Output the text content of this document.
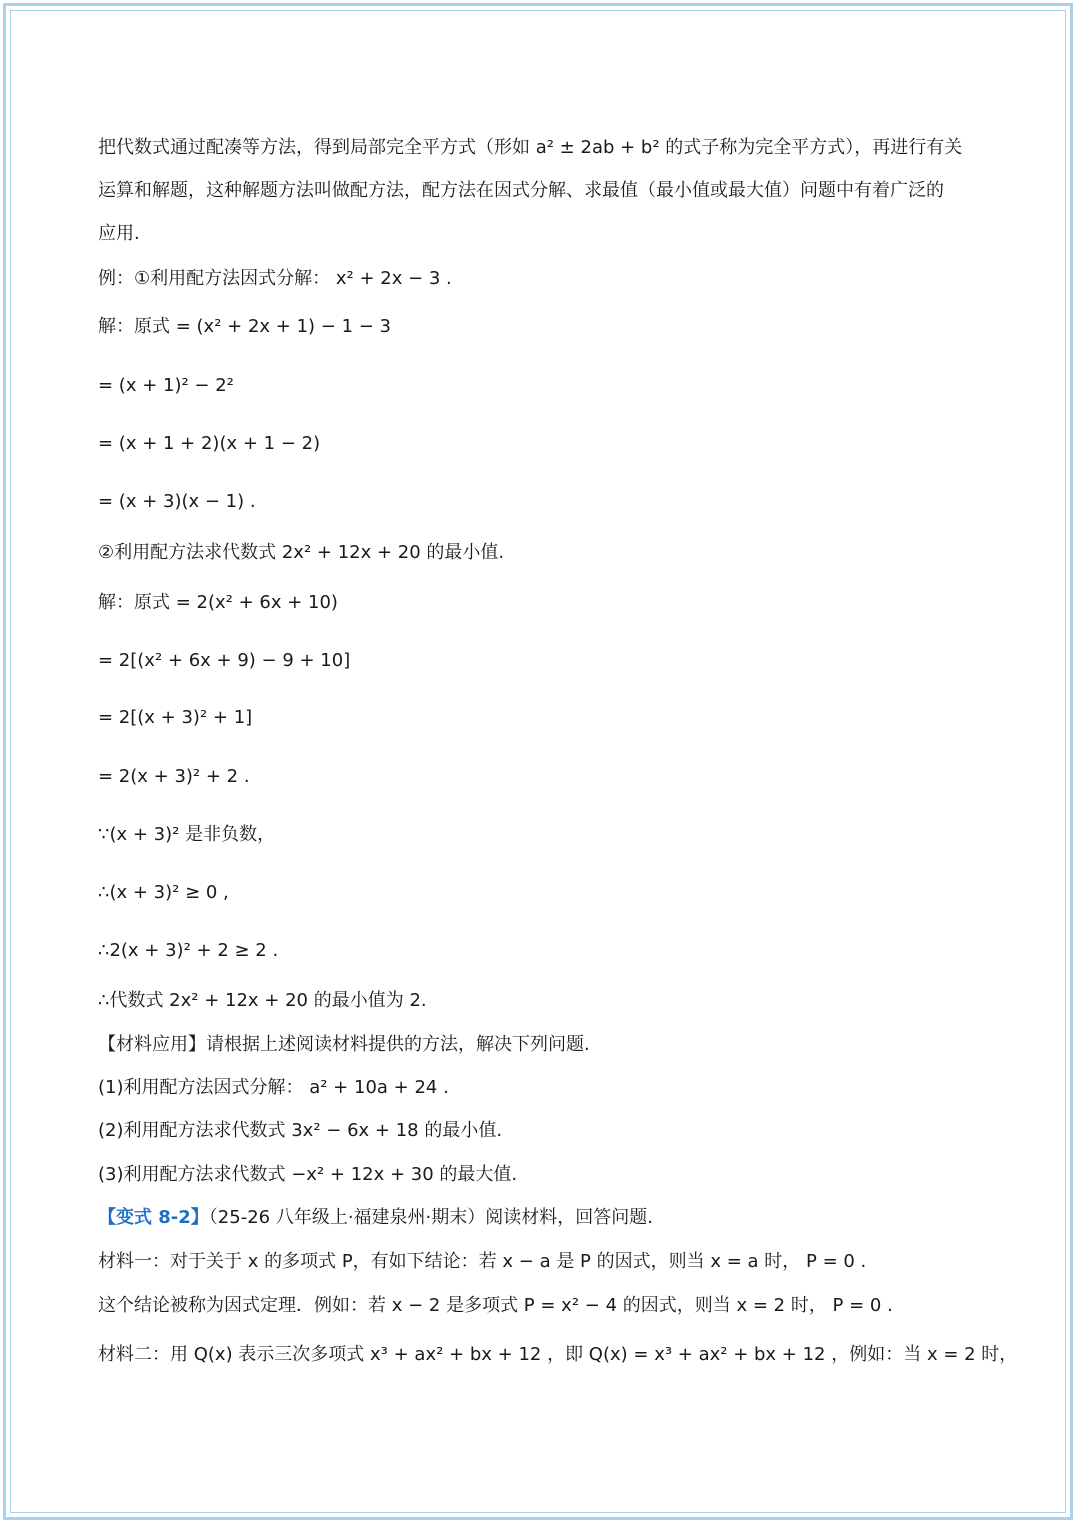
把代数式通过配凑等方法，得到局部完全平方式（形如 a² ± 2ab + b² 的式子称为完全平方式），再进行有关
运算和解题，这种解题方法叫做配方法，配方法在因式分解、求最值（最小值或最大值）问题中有着广泛的
应用.
例：①利用配方法因式分解： x² + 2x − 3 .
解：原式 = (x² + 2x + 1) − 1 − 3
= (x + 1)² − 2²
= (x + 1 + 2)(x + 1 − 2)
= (x + 3)(x − 1) .
②利用配方法求代数式 2x² + 12x + 20 的最小值.
解：原式 = 2(x² + 6x + 10)
= 2[(x² + 6x + 9) − 9 + 10]
= 2[(x + 3)² + 1]
= 2(x + 3)² + 2 .
∵(x + 3)² 是非负数，
∴(x + 3)² ≥ 0 ,
∴2(x + 3)² + 2 ≥ 2 .
∴代数式 2x² + 12x + 20 的最小值为 2.
【材料应用】请根据上述阅读材料提供的方法，解决下列问题.
(1)利用配方法因式分解： a² + 10a + 24 .
(2)利用配方法求代数式 3x² − 6x + 18 的最小值.
(3)利用配方法求代数式 −x² + 12x + 30 的最大值.
【变式 8-2】（25-26 八年级上·福建泉州·期末）阅读材料，回答问题.
材料一：对于关于 x 的多项式 P，有如下结论：若 x − a 是 P 的因式，则当 x = a 时， P = 0 .
这个结论被称为因式定理．例如：若 x − 2 是多项式 P = x² − 4 的因式，则当 x = 2 时， P = 0 .
材料二：用 Q(x) 表示三次多项式 x³ + ax² + bx + 12 ，即 Q(x) = x³ + ax² + bx + 12 ，例如：当 x = 2 时，
